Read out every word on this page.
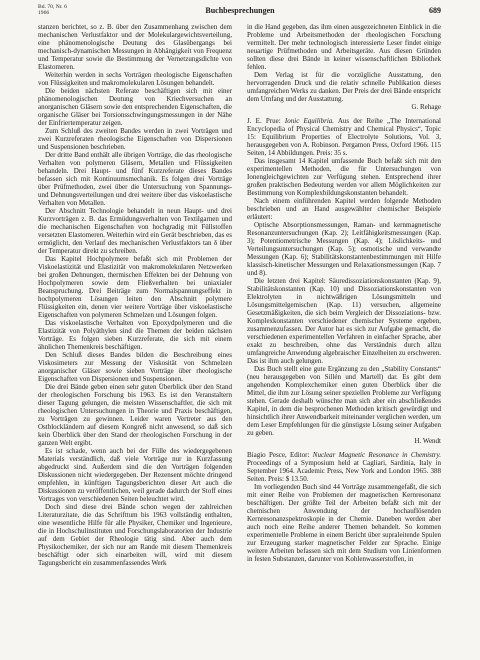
Bd. 70, Nr. 6
1966	Buchbesprechungen	689

stanzen berichtet, so z. B. über den Zusammenhang zwischen dem mechanischen Verlustfaktor und der Molekulargewichtsverteilung, eine phänomenologische Deutung des Glasübergangs bei mechanisch-dynamischen Messungen in Abhängigkeit von Frequenz und Temperatur sowie die Bestimmung der Vernetzungsdichte von Elastomeren.

Weiterhin werden in sechs Vorträgen rheologische Eigenschaften von Flüssigkeiten und makromolekularen Lösungen behandelt.

Die beiden nächsten Referate beschäftigen sich mit einer phänomenologischen Deutung von Kriechversuchen an anorganischen Gläsern sowie den entsprechenden Eigenschaften, die organische Gläser bei Torsionsschwingungsmessungen in der Nähe der Einfriertemperatur zeigen.

Zum Schluß des zweiten Bandes werden in zwei Vorträgen und zwei Kurzreferaten rheologische Eigenschaften von Dispersionen und Suspensionen beschrieben.

Der dritte Band enthält alle übrigen Vorträge, die das rheologische Verhalten von polymeren Gläsern, Metallen und Flüssigkeiten behandeln. Drei Haupt- und fünf Kurzreferate dieses Bandes befassen sich mit Kontinuumsmechanik. Es folgen drei Vorträge über Prüfmethoden, zwei über die Untersuchung von Spannungs- und Dehnungsverteilungen und drei weitere über das viskoelastische Verhalten von Metallen.

Der Abschnitt Technologie behandelt in neun Haupt- und drei Kurzvorträgen z. B. das Ermüdungsverhalten von Textilgarnen und die mechanischen Eigenschaften von hochgradig mit Füllstoffen versetzten Elastomeren. Weiterhin wird ein Gerät beschrieben, das es ermöglicht, den Verlauf des mechanischen Verlustfaktors tan δ über der Temperatur direkt zu schreiben.

Das Kapitel Hochpolymere befaßt sich mit Problemen der Viskoelastizität und Elastizität von makromolekularen Netzwerken bei großen Dehnungen, thermischen Effekten bei der Dehnung von Hochpolymeren sowie dem Fließverhalten bei uniaxialer Beanspruchung. Drei Beiträge zum Normalspannungseffekt in hochpolymeren Lösungen leiten den Abschnitt polymere Flüssigkeiten ein, denen vier weitere Vorträge über viskoelastische Eigenschaften von polymeren Schmelzen und Lösungen folgen.

Das viskoelastische Verhalten von Epoxydpolymeren und die Elastizität von Polyäthylen sind die Themen der beiden nächsten Vorträge. Es folgen sieben Kurzreferate, die sich mit einem ähnlichen Themenkreis beschäftigen.

Den Schluß dieses Bandes bilden die Beschreibung eines Viskosimeters zur Messung der Viskosität von Schmelzen anorganischer Gläser sowie sieben Vorträge über rheologische Eigenschaften von Dispersionen und Suspensionen.

Die drei Bände geben einen sehr guten Überblick über den Stand der rheologischen Forschung bis 1963. Es ist den Veranstaltern dieser Tagung gelungen, die meisten Wissenschaftler, die sich mit rheologischen Untersuchungen in Theorie und Praxis beschäftigen, zu Vorträgen zu gewinnen. Leider waren Vertreter aus den Ostblockländern auf diesem Kongreß nicht anwesend, so daß sich kein Überblick über den Stand der rheologischen Forschung in der ganzen Welt ergibt.

Es ist schade, wenn auch bei der Fülle des wiedergegebenen Materials verständlich, daß viele Vorträge nur in Kurzfassung abgedruckt sind. Außerdem sind die den Vorträgen folgenden Diskussionen nicht wiedergegeben. Der Rezensent möchte dringend empfehlen, in künftigen Tagungsberichten dieser Art auch die Diskussionen zu veröffentlichen, weil gerade dadurch der Stoff eines Vortrages von verschiedenen Seiten beleuchtet wird.

Doch sind diese drei Bände schon wegen der zahlreichen Literaturzitate, die das Schrifttum bis 1963 vollständig enthalten, eine wesentliche Hilfe für alle Physiker, Chemiker und Ingenieure, die in Hochschulinstituten und Forschungslaboratorien der Industrie auf dem Gebiet der Rheologie tätig sind. Aber auch dem Physikochemiker, der sich nur am Rande mit diesem Themenkreis beschäftigt oder sich einarbeiten will, wird mit diesem Tagungsbericht ein zusammenfassendes Werk

in die Hand gegeben, das ihm einen ausgezeichneten Einblick in die Probleme und Arbeitsmethoden der rheologischen Forschung vermittelt. Der mehr technologisch interessierte Leser findet einige neuartige Prüfmethoden und Arbeitsgeräte. Aus diesen Gründen sollten diese drei Bände in keiner wissenschaftlichen Bibliothek fehlen.

Dem Verlag ist für die vorzügliche Ausstattung, den hervorragenden Druck und die relativ schnelle Publikation dieses umfangreichen Werks zu danken. Der Preis der drei Bände entspricht dem Umfang und der Ausstattung.

G. Rehage

J. E. Prue: Ionic Equilibria. Aus der Reihe „The International Encyclopedia of Physical Chemistry and Chemical Physics“, Topic 15: Equilibrium Properties of Electrolyte Solutions, Vol. 3, herausgegeben von A. Robinson. Pergamon Press, Oxford 1966. 115 Seiten, 14 Abbildungen. Preis: 35 s.

Das insgesamt 14 Kapitel umfassende Buch befaßt sich mit den experimentellen Methoden, die für Untersuchungen von Ionengleichgewichten zur Verfügung stehen. Entsprechend ihrer großen praktischen Bedeutung werden vor allem Möglichkeiten zur Bestimmung von Komplexbildungskonstanten behandelt.

Nach einem einführenden Kapitel werden folgende Methoden beschrieben und an Hand ausgewählter chemischer Beispiele erläutert:

Optische Absorptionsmessungen, Raman- und kernmagnetische Resonanzuntersuchungen (Kap. 2); Leitfähigkeitsmessungen (Kap. 3); Potentiometrische Messungen (Kap. 4); Löslichkeits- und Verteilungsuntersuchungen (Kap. 5); osmotische und verwandte Messungen (Kap. 6); Stabilitätskonstantenbestimmungen mit Hilfe klassisch-kinetischer Messungen und Relaxationsmessungen (Kap. 7 und 8).

Die letzten drei Kapitel: Säuredissoziationskonstanten (Kap. 9), Stabilitätskonstanten (Kap. 10) und Dissoziationskonstanten von Elektrolyten in nichtwäßrigen Lösungsmitteln und Lösungsmittelgemischen (Kap. 11) versuchen, allgemeine Gesetzmäßigkeiten, die sich beim Vergleich der Dissoziations- bzw. Komplexkonstanten verschiedener chemischer Systeme ergeben, zusammenzufassen. Der Autor hat es sich zur Aufgabe gemacht, die verschiedenen experimentellen Verfahren in einfacher Sprache, aber exakt zu beschreiben, ohne das Verständnis durch allzu umfangreiche Anwendung algebraischer Einzelheiten zu erschweren. Das ist ihm auch gelungen.

Das Buch stellt eine gute Ergänzung zu den „Stability Constants“ (neu herausgegeben von Sillén und Martell) dar. Es gibt dem angehenden Komplexchemiker einen guten Überblick über die Mittel, die ihm zur Lösung seiner speziellen Probleme zur Verfügung stehen. Gerade deshalb wünschte man sich aber ein abschließendes Kapitel, in dem die besprochenen Methoden kritisch gewürdigt und hinsichtlich ihrer Anwendbarkeit miteinander verglichen werden, um dem Leser Empfehlungen für die günstigste Lösung seiner Aufgaben zu geben.

H. Wendt

Biagio Pesce, Editor: Nuclear Magnetic Resonance in Chemistry. Proceedings of a Symposium held at Cagliari, Sardinia, Italy in September 1964. Academic Press, New York and London 1965. 388 Seiten. Preis: $ 13.50.

Im vorliegenden Buch sind 44 Vorträge zusammengefaßt, die sich mit einer Reihe von Problemen der magnetischen Kernresonanz beschäftigen. Der größte Teil der Arbeiten befaßt sich mit der chemischen Anwendung der hochauflösenden Kernresonanzspektroskopie in der Chemie. Daneben werden aber auch noch eine Reihe anderer Themen behandelt. So kommen experimentelle Probleme in einem Bericht über supraleitende Spulen zur Erzeugung starker magnetischer Felder zur Sprache. Einige weitere Arbeiten befassen sich mit dem Studium von Linienformen in festen Substanzen, darunter von Kohlenwasserstoffen, in
